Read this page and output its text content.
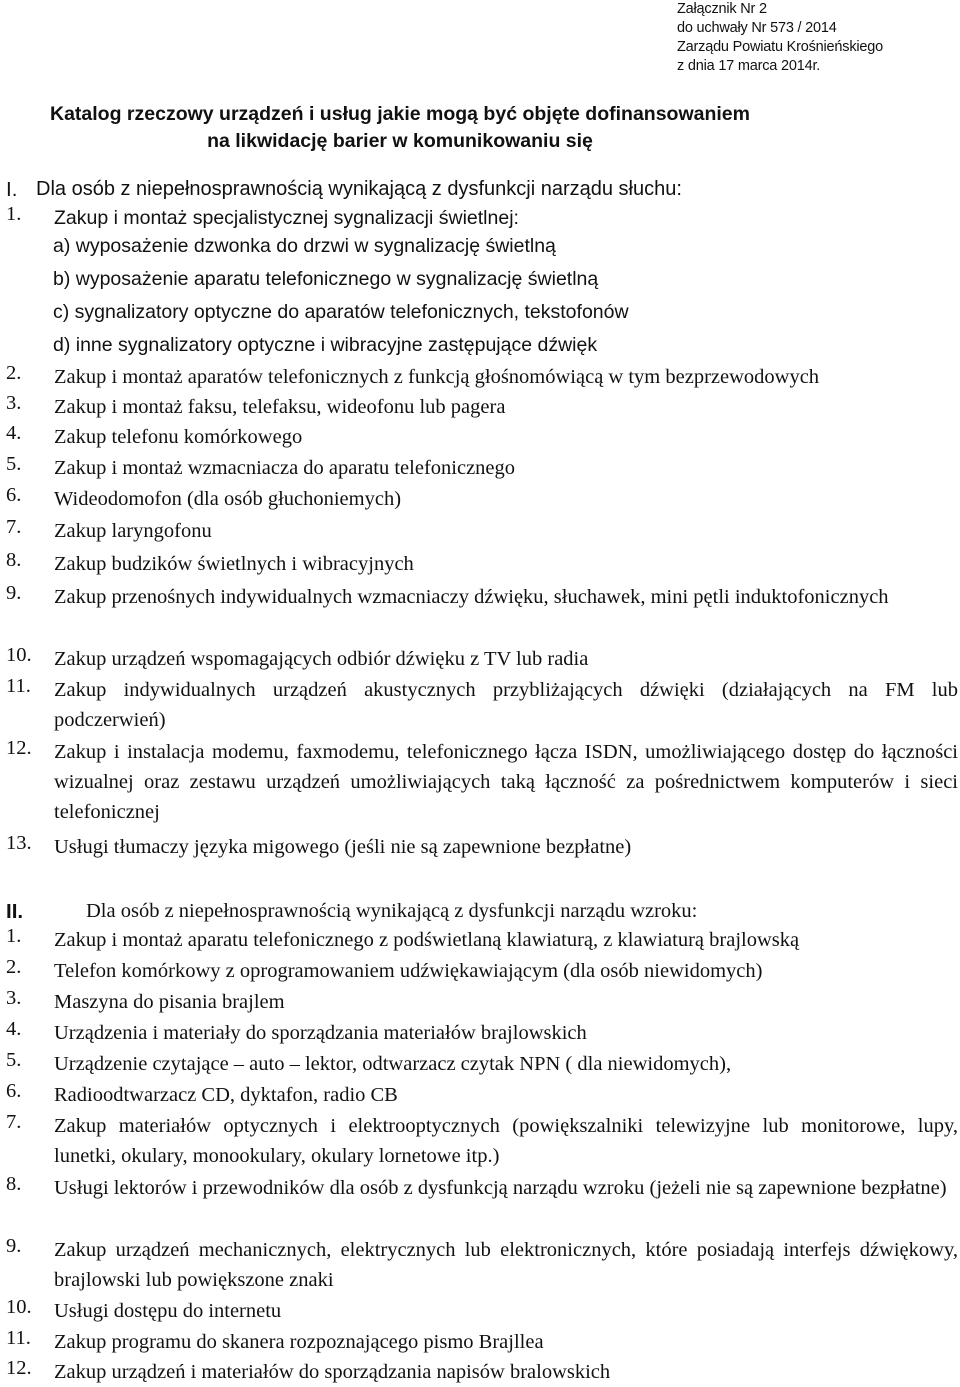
Załącznik Nr 2
do uchwały Nr 573 / 2014
Zarządu Powiatu Krośnieńskiego
z dnia 17 marca 2014r.
Katalog rzeczowy urządzeń i usług jakie mogą być objęte dofinansowaniem
na likwidację barier w komunikowaniu się
I. Dla osób z niepełnosprawnością wynikającą z dysfunkcji narządu słuchu:
1. Zakup i montaż specjalistycznej sygnalizacji świetlnej:
a) wyposażenie dzwonka do drzwi w sygnalizację świetlną
b) wyposażenie aparatu telefonicznego w sygnalizację świetlną
c) sygnalizatory optyczne do aparatów telefonicznych, tekstofonów
d) inne sygnalizatory optyczne i wibracyjne zastępujące dźwięk
2. Zakup i montaż aparatów telefonicznych z funkcją głośnomówiącą w tym bezprzewodowych
3. Zakup i montaż faksu, telefaksu, wideofonu lub pagera
4. Zakup telefonu komórkowego
5. Zakup i montaż wzmacniacza do aparatu telefonicznego
6. Wideodomofon (dla osób głuchoniemych)
7. Zakup laryngofonu
8. Zakup budzików świetlnych i wibracyjnych
9. Zakup przenośnych indywidualnych wzmacniaczy dźwięku, słuchawek, mini pętli induktofonicznych
10. Zakup urządzeń wspomagających odbiór dźwięku z TV lub radia
11. Zakup indywidualnych urządzeń akustycznych przybliżających dźwięki (działających na FM lub podczerwień)
12. Zakup i instalacja modemu, faxmodemu, telefonicznego łącza ISDN, umożliwiającego dostęp do łączności wizualnej oraz zestawu urządzeń umożliwiających taką łączność za pośrednictwem komputerów i sieci telefonicznej
13. Usługi tłumaczy języka migowego (jeśli nie są zapewnione bezpłatne)
II.	Dla osób z niepełnosprawnością wynikającą z dysfunkcji narządu wzroku:
1. Zakup i montaż aparatu telefonicznego z podświetlaną klawiaturą, z klawiaturą brajlowską
2. Telefon komórkowy z oprogramowaniem udźwiękawiającym (dla osób niewidomych)
3. Maszyna do pisania brajlem
4. Urządzenia i materiały do sporządzania materiałów brajlowskich
5. Urządzenie czytające – auto – lektor, odtwarzacz czytak NPN ( dla niewidomych),
6. Radioodtwarzacz CD, dyktafon, radio CB
7. Zakup materiałów optycznych i elektrooptycznych (powiększalniki telewizyjne lub monitorowe, lupy, lunetki, okulary, monookulary, okulary lornetowe itp.)
8. Usługi lektorów i przewodników dla osób z dysfunkcją narządu wzroku (jeżeli nie są zapewnione bezpłatne)
9. Zakup urządzeń mechanicznych, elektrycznych lub elektronicznych, które posiadają interfejs dźwiękowy, brajlowski lub powiększone znaki
10. Usługi dostępu do internetu
11. Zakup programu do skanera rozpoznającego pismo Brajllea
12. Zakup urządzeń i materiałów do sporządzania napisów bralowskich
